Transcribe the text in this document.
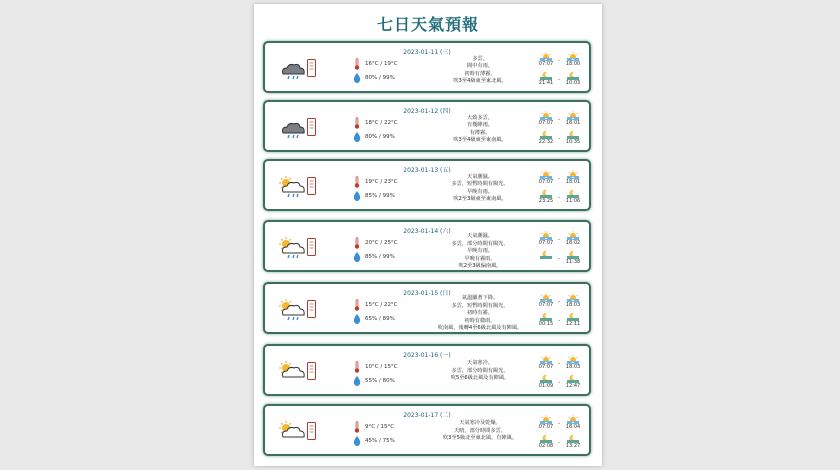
七日天氣預報
2023-01-11 (三)
16°C / 19°C
80% / 99%
多雲。
間中有雨。
初時有薄霧。
吹3至4級東至東北風。
07:07 -	18:00
21:41 -	10:03
2023-01-12 (四)
18°C / 22°C
80% / 99%
大致多雲。
有幾陣雨。
有薄霧。
吹3至4級東至東南風。
07:07 -	18:01
22:32 -	10:35
2023-01-13 (五)
19°C / 23°C
85% / 99%
天氣潮濕。
多雲，短暫時間有陽光。
早晚有雨。
吹2至3級東至東南風。
07:07 -	18:01
23:25 -	11:06
2023-01-14 (六)
20°C / 25°C
85% / 99%
天氣潮濕。
多雲，部分時間有陽光。
早晚有雨。
早晚有霧雨。
吹2至3級偏南風。
07:07 -	18:02
-	11:38
2023-01-15 (日)
15°C / 22°C
65% / 89%
氣溫顯著下降。
多雲，短暫時間有陽光。
初時有霧。
初時有微雨。
吹南風，後轉4至6級北風及有陣風。
07:07 -	18:03
00:15 -	12:11
2023-01-16 (一)
10°C / 15°C
55% / 80%
天氣寒冷。
多雲，部分時間有陽光。
吹5至6級北風及有陣風。
07:07 -	18:03
01:09 -	12:47
2023-01-17 (二)
9°C / 15°C
45% / 75%
天氣寒冷及乾燥。
天晴，部分時間多雲。
吹3至5級北至東北風，有陣風。
07:07 -	18:04
02:08 -	13:27
